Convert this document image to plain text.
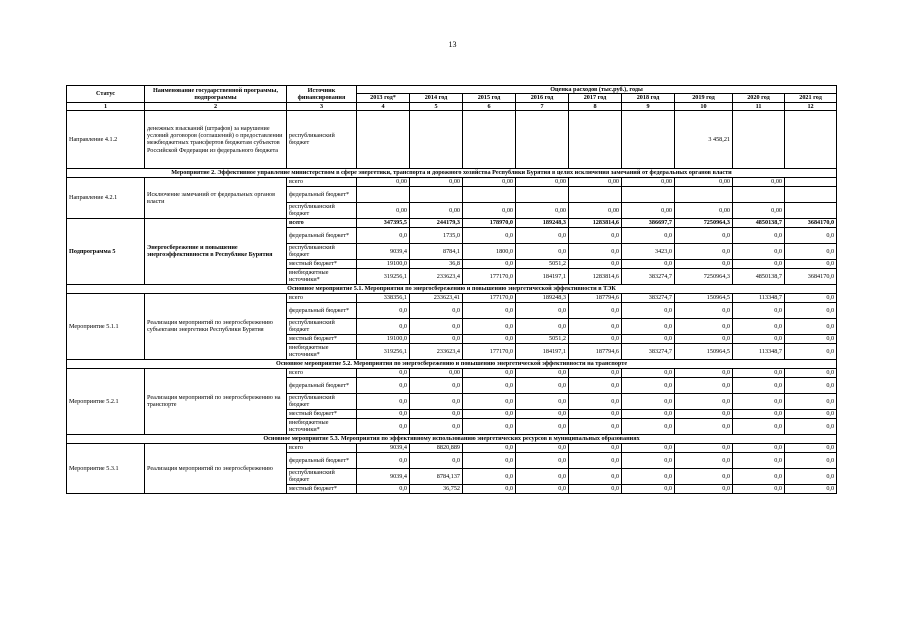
13
Статус	Наименование государственной программы, подпрограммы	Источник финансирования	Оценка расходов (тыс.руб.), годы								
			2013 год*	2014 год	2015 год	2016 год	2017 год	2018 год	2019 год	2020 год	2021 год
1	2	3	4	5	6	7	8	9	10	11	12
Направление 4.1.2	денежных взысканий (штрафов) за нарушение условий договоров (соглашений) о предоставлении межбюджетных трансфертов бюджетам субъектов Российской Федерации из федерального бюджета	республиканский бюджет							3 458,21		
Мероприятие 2. Эффективное управление министерством в сфере энергетики, транспорта и дорожного хозяйства Республики Бурятия в целях исключения замечаний от федеральных органов власти											
Направление 4.2.1	Исключение замечаний от федеральных органов власти	всего	0,00	0,00	0,00	0,00	0,00	0,00	0,00	0,00	
		федеральный бюджет*									
		республиканский бюджет	0,00	0,00	0,00	0,00	0,00	0,00	0,00	0,00	
Подпрограмма 5	Энергосбережение и повышение энергоэффективности в Республике Бурятия	всего	347395,5	244179,3	178970,0	189248,3	1283814,6	386697,7	7250964,3	4850138,7	3684170,0
		федеральный бюджет*	0,0	1735,0	0,0	0,0	0,0	0,0	0,0	0,0	0,0
		республиканский бюджет	9039,4	8784,1	1800,0	0,0	0,0	3423,0	0,0	0,0	0,0
		местный бюджет*	19100,0	36,8	0,0	5051,2	0,0	0,0	0,0	0,0	0,0
		внебюджетные источники*	319256,1	233623,4	177170,0	184197,1	1283814,6	383274,7	7250964,3	4850138,7	3684170,0
Основное мероприятие 5.1. Мероприятия по энергосбережению и повышению энергетической эффективности в ТЭК											
Мероприятие 5.1.1	Реализация мероприятий по энергосбережению субъектами энергетики Республики Бурятия	всего	338356,1	233623,41	177170,0	189248,3	187794,6	383274,7	150964,5	113348,7	0,0
		федеральный бюджет*	0,0	0,0	0,0	0,0	0,0	0,0	0,0	0,0	0,0
		республиканский бюджет	0,0	0,0	0,0	0,0	0,0	0,0	0,0	0,0	0,0
		местный бюджет*	19100,0	0,0	0,0	5051,2	0,0	0,0	0,0	0,0	0,0
		внебюджетные источники*	319256,1	233623,4	177170,0	184197,1	187794,6	383274,7	150964,5	113348,7	0,0
Основное мероприятие 5.2. Мероприятия по энергосбережению и повышению энергетической эффективности на транспорте											
Мероприятие 5.2.1	Реализация мероприятий по энергосбережению на транспорте	всего	0,0	0,00	0,0	0,0	0,0	0,0	0,0	0,0	0,0
		федеральный бюджет*	0,0	0,0	0,0	0,0	0,0	0,0	0,0	0,0	0,0
		республиканский бюджет	0,0	0,0	0,0	0,0	0,0	0,0	0,0	0,0	0,0
		местный бюджет*	0,0	0,0	0,0	0,0	0,0	0,0	0,0	0,0	0,0
		внебюджетные источники*	0,0	0,0	0,0	0,0	0,0	0,0	0,0	0,0	0,0
Основное мероприятие 5.3. Мероприятия по эффективному использованию энергетических ресурсов в муниципальных образованиях											
Мероприятие 5.3.1	Реализация мероприятий по энергосбережению	всего	9039,4	8820,889	0,0	0,0	0,0	0,0	0,0	0,0	0,0
		федеральный бюджет*	0,0	0,0	0,0	0,0	0,0	0,0	0,0	0,0	0,0
		республиканский бюджет	9039,4	8784,137	0,0	0,0	0,0	0,0	0,0	0,0	0,0
		местный бюджет*	0,0	36,752	0,0	0,0	0,0	0,0	0,0	0,0	0,0
